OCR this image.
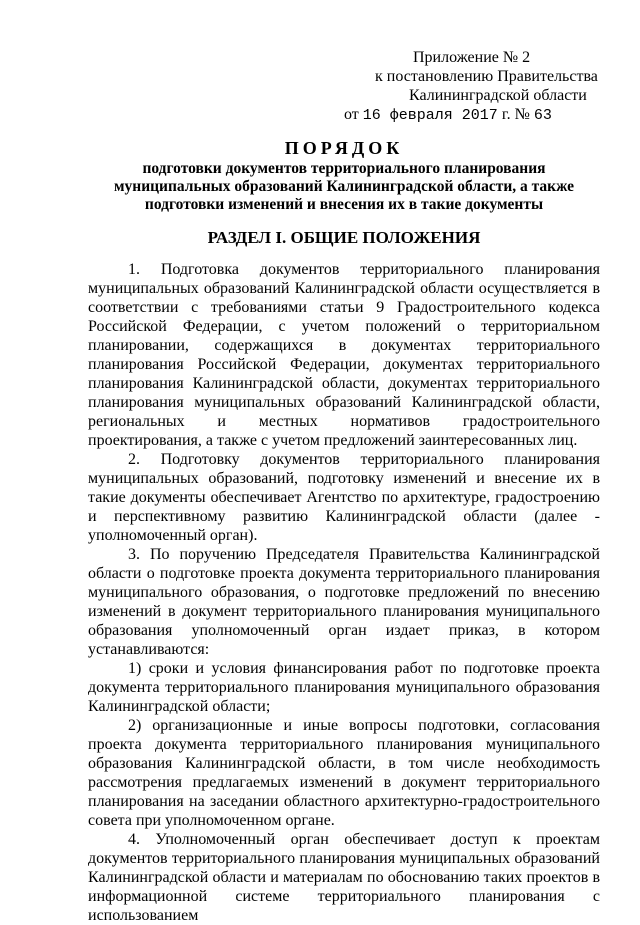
Приложение № 2
к постановлению Правительства
Калининградской области
от 16 февраля 2017 г. № 63
ПОРЯДОК
подготовки документов территориального планирования муниципальных образований Калининградской области, а также подготовки изменений и внесения их в такие документы
РАЗДЕЛ I. ОБЩИЕ ПОЛОЖЕНИЯ

1. Подготовка документов территориального планирования муниципальных образований Калининградской области осуществляется в соответствии с требованиями статьи 9 Градостроительного кодекса Российской Федерации, с учетом положений о территориальном планировании, содержащихся в документах территориального планирования Российской Федерации, документах территориального планирования Калининградской области, документах территориального планирования муниципальных образований Калининградской области, региональных и местных нормативов градостроительного проектирования, а также с учетом предложений заинтересованных лиц.

2. Подготовку документов территориального планирования муниципальных образований, подготовку изменений и внесение их в такие документы обеспечивает Агентство по архитектуре, градостроению и перспективному развитию Калининградской области (далее - уполномоченный орган).

3. По поручению Председателя Правительства Калининградской области о подготовке проекта документа территориального планирования муниципального образования, о подготовке предложений по внесению изменений в документ территориального планирования муниципального образования уполномоченный орган издает приказ, в котором устанавливаются:

1) сроки и условия финансирования работ по подготовке проекта документа территориального планирования муниципального образования Калининградской области;

2) организационные и иные вопросы подготовки, согласования проекта документа территориального планирования муниципального образования Калининградской области, в том числе необходимость рассмотрения предлагаемых изменений в документ территориального планирования на заседании областного архитектурно-градостроительного совета при уполномоченном органе.

4. Уполномоченный орган обеспечивает доступ к проектам документов территориального планирования муниципальных образований Калининградской области и материалам по обоснованию таких проектов в информационной системе территориального планирования с использованием
